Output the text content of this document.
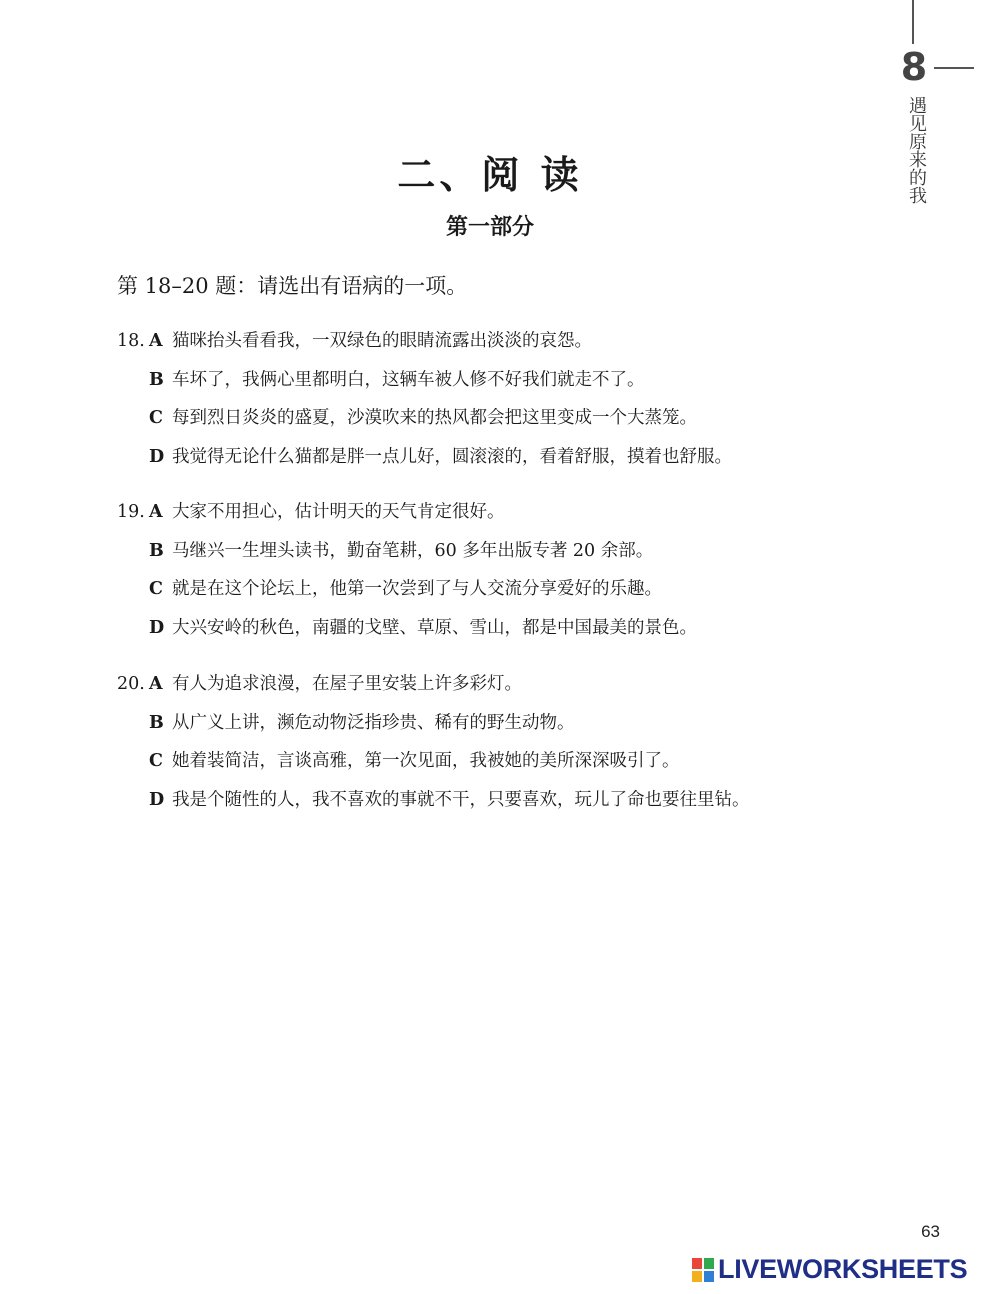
8
遇见原来的我
二、阅 读
第一部分
第 18–20 题：请选出有语病的一项。
18. A 猫咪抬头看看我，一双绿色的眼睛流露出淡淡的哀怨。
B 车坏了，我俩心里都明白，这辆车被人修不好我们就走不了。
C 每到烈日炎炎的盛夏，沙漠吹来的热风都会把这里变成一个大蒸笼。
D 我觉得无论什么猫都是胖一点儿好，圆滚滚的，看着舒服，摸着也舒服。
19. A 大家不用担心，估计明天的天气肯定很好。
B 马继兴一生埋头读书，勤奋笔耕，60 多年出版专著 20 余部。
C 就是在这个论坛上，他第一次尝到了与人交流分享爱好的乐趣。
D 大兴安岭的秋色，南疆的戈壁、草原、雪山，都是中国最美的景色。
20. A 有人为追求浪漫，在屋子里安装上许多彩灯。
B 从广义上讲，濒危动物泛指珍贵、稀有的野生动物。
C 她着装简洁，言谈高雅，第一次见面，我被她的美所深深吸引了。
D 我是个随性的人，我不喜欢的事就不干，只要喜欢，玩儿了命也要往里钻。
63
LIVEWORKSHEETS
